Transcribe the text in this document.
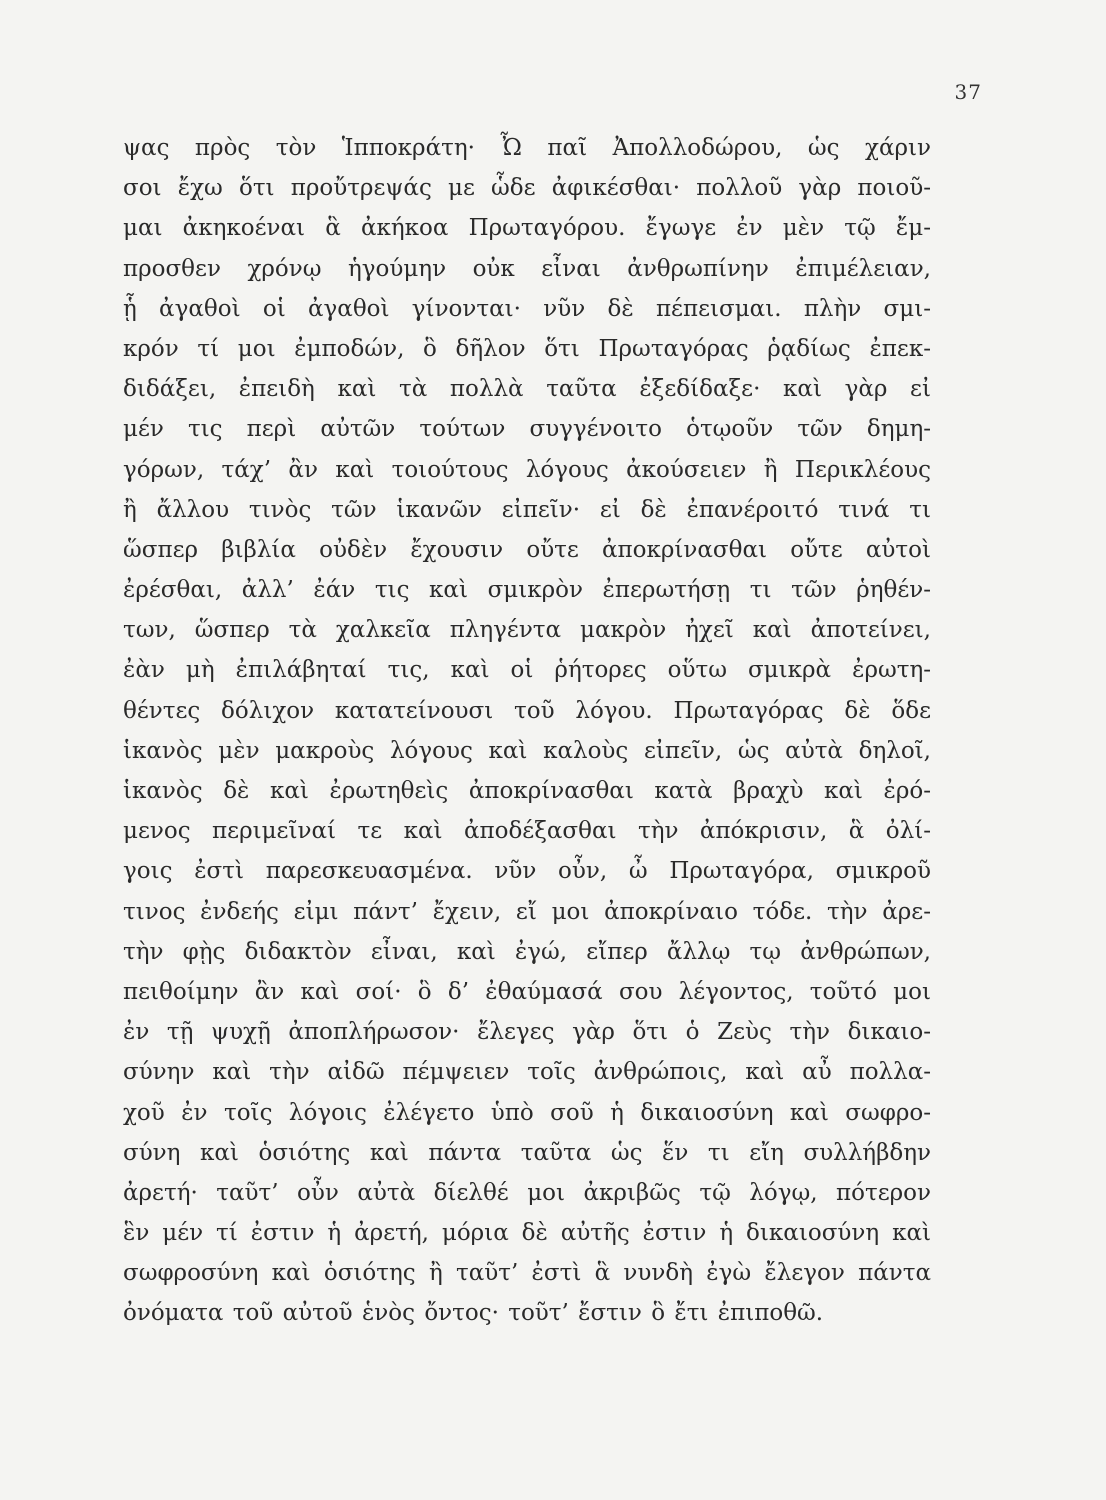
37
ψας πρὸς τὸν Ἱπποκράτη· Ὦ παῖ Ἀπολλοδώρου, ὡς χάριν
σοι ἔχω ὅτι προὔτρεψάς με ὧδε ἀφικέσθαι· πολλοῦ γὰρ ποιοῦ-
μαι ἀκηκοέναι ἃ ἀκήκοα Πρωταγόρου. ἔγωγε ἐν μὲν τῷ ἔμ-
προσθεν χρόνῳ ἡγούμην οὐκ εἶναι ἀνθρωπίνην ἐπιμέλειαν,
ᾗ ἀγαθοὶ οἱ ἀγαθοὶ γίνονται· νῦν δὲ πέπεισμαι. πλὴν σμι-
κρόν τί μοι ἐμποδών, ὃ δῆλον ὅτι Πρωταγόρας ῥᾳδίως ἐπεκ-
διδάξει, ἐπειδὴ καὶ τὰ πολλὰ ταῦτα ἐξεδίδαξε· καὶ γὰρ εἰ
μέν τις περὶ αὐτῶν τούτων συγγένοιτο ὁτῳοῦν τῶν δημη-
γόρων, τάχ’ ἂν καὶ τοιούτους λόγους ἀκούσειεν ἢ Περικλέους
ἢ ἄλλου τινὸς τῶν ἱκανῶν εἰπεῖν· εἰ δὲ ἐπανέροιτό τινά τι
ὥσπερ βιβλία οὐδὲν ἔχουσιν οὔτε ἀποκρίνασθαι οὔτε αὐτοὶ
ἐρέσθαι, ἀλλ’ ἐάν τις καὶ σμικρὸν ἐπερωτήσῃ τι τῶν ῥηθέν-
των, ὥσπερ τὰ χαλκεῖα πληγέντα μακρὸν ἠχεῖ καὶ ἀποτείνει,
ἐὰν μὴ ἐπιλάβηταί τις, καὶ οἱ ῥήτορες οὕτω σμικρὰ ἐρωτη-
θέντες δόλιχον κατατείνουσι τοῦ λόγου. Πρωταγόρας δὲ ὅδε
ἱκανὸς μὲν μακροὺς λόγους καὶ καλοὺς εἰπεῖν, ὡς αὐτὰ δηλοῖ,
ἱκανὸς δὲ καὶ ἐρωτηθεὶς ἀποκρίνασθαι κατὰ βραχὺ καὶ ἐρό-
μενος περιμεῖναί τε καὶ ἀποδέξασθαι τὴν ἀπόκρισιν, ἃ ὀλί-
γοις ἐστὶ παρεσκευασμένα. νῦν οὖν, ὦ Πρωταγόρα, σμικροῦ
τινος ἐνδεής εἰμι πάντ’ ἔχειν, εἴ μοι ἀποκρίναιο τόδε. τὴν ἀρε-
τὴν φῂς διδακτὸν εἶναι, καὶ ἐγώ, εἴπερ ἄλλῳ τῳ ἀνθρώπων,
πειθοίμην ἂν καὶ σοί· ὃ δ’ ἐθαύμασά σου λέγοντος, τοῦτό μοι
ἐν τῇ ψυχῇ ἀποπλήρωσον· ἔλεγες γὰρ ὅτι ὁ Ζεὺς τὴν δικαιο-
σύνην καὶ τὴν αἰδῶ πέμψειεν τοῖς ἀνθρώποις, καὶ αὖ πολλα-
χοῦ ἐν τοῖς λόγοις ἐλέγετο ὑπὸ σοῦ ἡ δικαιοσύνη καὶ σωφρο-
σύνη καὶ ὁσιότης καὶ πάντα ταῦτα ὡς ἕν τι εἴη συλλήβδην
ἀρετή· ταῦτ’ οὖν αὐτὰ δίελθέ μοι ἀκριβῶς τῷ λόγῳ, πότερον
ἓν μέν τί ἐστιν ἡ ἀρετή, μόρια δὲ αὐτῆς ἐστιν ἡ δικαιοσύνη καὶ
σωφροσύνη καὶ ὁσιότης ἢ ταῦτ’ ἐστὶ ἃ νυνδὴ ἐγὼ ἔλεγον πάντα
ὀνόματα τοῦ αὐτοῦ ἑνὸς ὄντος· τοῦτ’ ἔστιν ὃ ἔτι ἐπιποθῶ.
